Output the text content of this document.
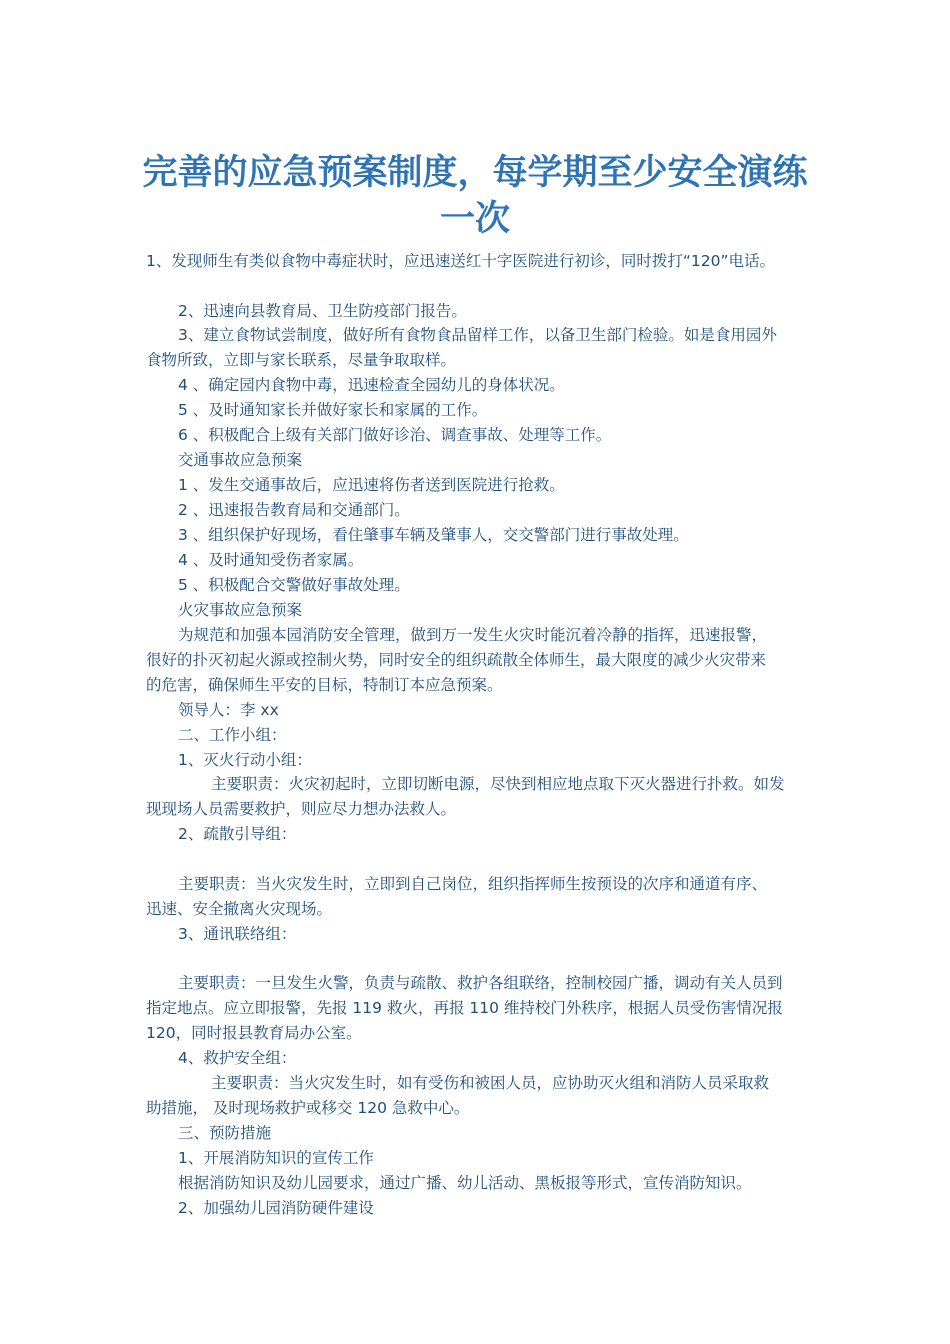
完善的应急预案制度，每学期至少安全演练
一次
1、发现师生有类似食物中毒症状时，应迅速送红十字医院进行初诊，同时拨打“120”电话。
2、迅速向县教育局、卫生防疫部门报告。
3、建立食物试尝制度，做好所有食物食品留样工作，以备卫生部门检验。如是食用园外
食物所致，立即与家长联系，尽量争取取样。
4 、确定园内食物中毒，迅速检查全园幼儿的身体状况。
5 、及时通知家长并做好家长和家属的工作。
6 、积极配合上级有关部门做好诊治、调查事故、处理等工作。
交通事故应急预案
1 、发生交通事故后，应迅速将伤者送到医院进行抢救。
2 、迅速报告教育局和交通部门。
3 、组织保护好现场，看住肇事车辆及肇事人，交交警部门进行事故处理。
4 、及时通知受伤者家属。
5 、积极配合交警做好事故处理。
火灾事故应急预案
为规范和加强本园消防安全管理，做到万一发生火灾时能沉着冷静的指挥，迅速报警，
很好的扑灭初起火源或控制火势，同时安全的组织疏散全体师生，最大限度的减少火灾带来
的危害，确保师生平安的目标，特制订本应急预案。
领导人：李 xx
二、工作小组：
1、灭火行动小组：
主要职责：火灾初起时，立即切断电源，尽快到相应地点取下灭火器进行扑救。如发
现现场人员需要救护，则应尽力想办法救人。
2、疏散引导组：
主要职责：当火灾发生时，立即到自己岗位，组织指挥师生按预设的次序和通道有序、
迅速、安全撤离火灾现场。
3、通讯联络组：
主要职责：一旦发生火警，负责与疏散、救护各组联络，控制校园广播，调动有关人员到
指定地点。应立即报警，先报 119 救火，再报 110 维持校门外秩序，根据人员受伤害情况报
120，同时报县教育局办公室。
4、救护安全组：
主要职责：当火灾发生时，如有受伤和被困人员，应协助灭火组和消防人员采取救
助措施， 及时现场救护或移交 120 急救中心。
三、预防措施
1、开展消防知识的宣传工作
根据消防知识及幼儿园要求，通过广播、幼儿活动、黑板报等形式，宣传消防知识。
2、加强幼儿园消防硬件建设
